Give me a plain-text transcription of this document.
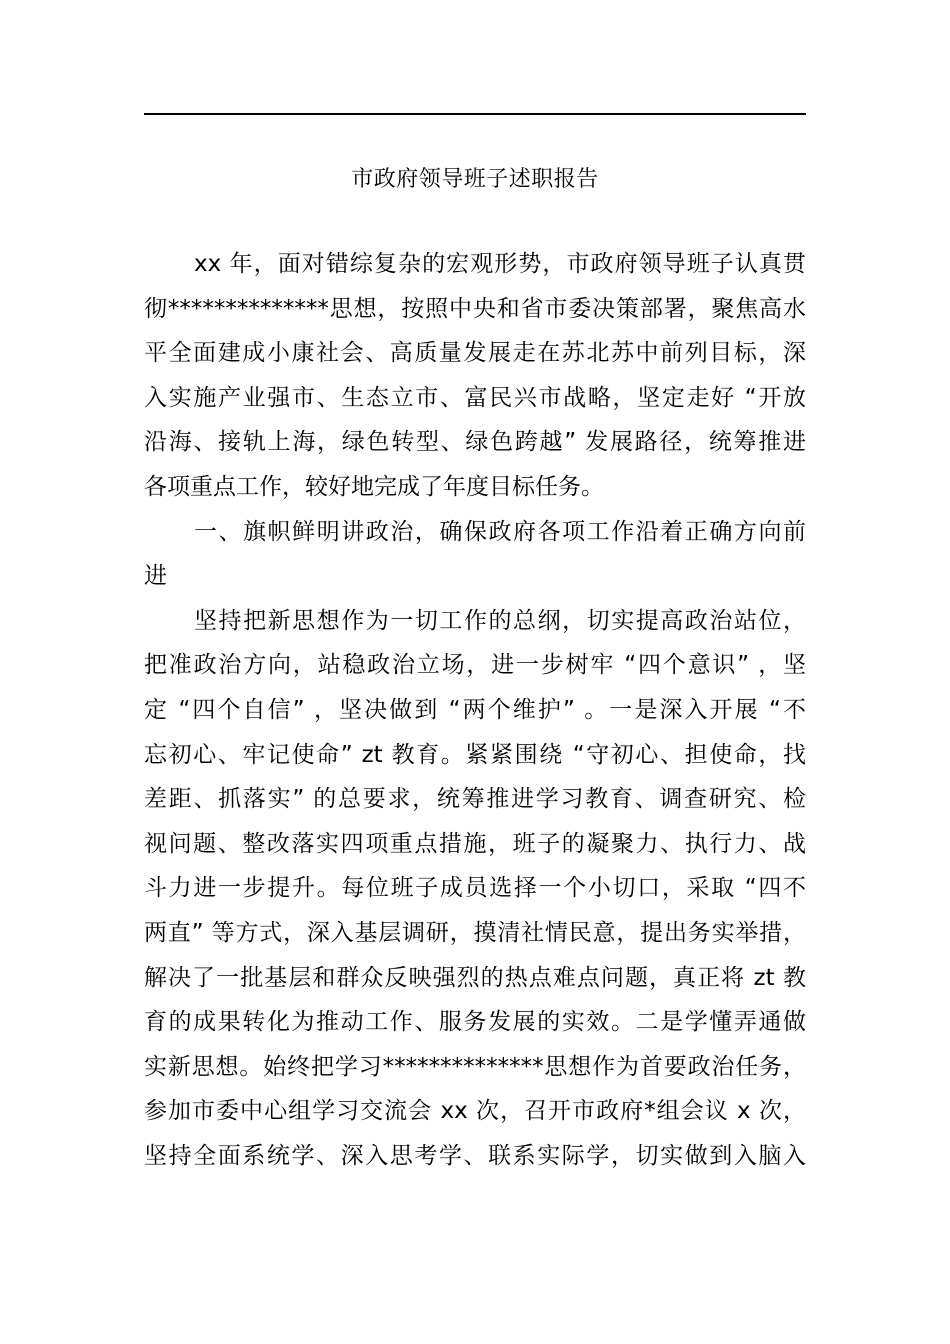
市政府领导班子述职报告
xx 年，面对错综复杂的宏观形势，市政府领导班子认真贯
彻**************思想，按照中央和省市委决策部署，聚焦高水
平全面建成小康社会、高质量发展走在苏北苏中前列目标，深
入实施产业强市、生态立市、富民兴市战略，坚定走好 “开放
沿海、接轨上海，绿色转型、绿色跨越” 发展路径，统筹推进
各项重点工作，较好地完成了年度目标任务。
一、旗帜鲜明讲政治，确保政府各项工作沿着正确方向前
进
坚持把新思想作为一切工作的总纲，切实提高政治站位，
把准政治方向，站稳政治立场，进一步树牢 “四个意识” ，坚
定 “四个自信” ，坚决做到 “两个维护” 。一是深入开展 “不
忘初心、牢记使命” zt 教育。紧紧围绕 “守初心、担使命，找
差距、抓落实” 的总要求，统筹推进学习教育、调查研究、检
视问题、整改落实四项重点措施，班子的凝聚力、执行力、战
斗力进一步提升。每位班子成员选择一个小切口，采取 “四不
两直” 等方式，深入基层调研，摸清社情民意，提出务实举措，
解决了一批基层和群众反映强烈的热点难点问题，真正将 zt 教
育的成果转化为推动工作、服务发展的实效。二是学懂弄通做
实新思想。始终把学习**************思想作为首要政治任务，
参加市委中心组学习交流会 xx 次，召开市政府*组会议 x 次，
坚持全面系统学、深入思考学、联系实际学，切实做到入脑入
